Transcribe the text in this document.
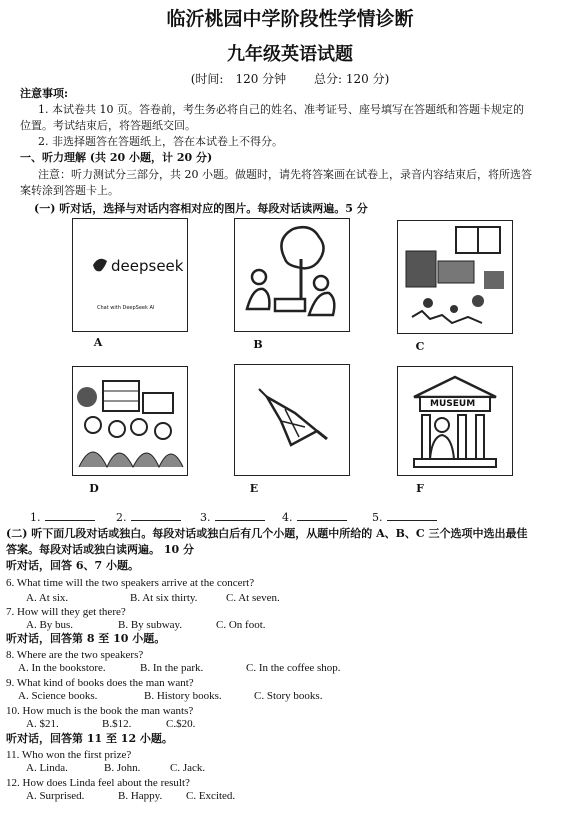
临沂桃园中学阶段性学情诊断
九年级英语试题
(时间:　120 分钟 总分: 120 分)
注意事项:
1. 本试卷共 10 页。答卷前，考生务必将自己的姓名、准考证号、座号填写在答题纸和答题卡规定的
位置。考试结束后，将答题纸交回。
2. 非选择题答在答题纸上，答在本试卷上不得分。
一、听力理解 (共 20 小题，计 20 分)
注意：听力测试分三部分，共 20 小题。做题时，请先将答案画在试卷上，录音内容结束后，将所选答
案转涂到答题卡上。
(一) 听对话，选择与对话内容相对应的图片。每段对话读两遍。5 分
deepseek
Chat with DeepSeek AI
A	B	C
D	E
MUSEUM
F
1.	2.	3.	4.	5.
(二) 听下面几段对话或独白。每段对话或独白后有几个小题，从题中所给的 A、B、C 三个选项中选出最佳
答案。每段对话或独白读两遍。 10 分
听对话，回答 6、7 小题。
6. What time will the two speakers arrive at the concert?
A. At six.	B. At six thirty.	C. At seven.
7. How will they get there?
A. By bus.	B. By subway.	C. On foot.
听对话，回答第 8 至 10 小题。
8. Where are the two speakers?
A. In the bookstore.	B. In the park.	C. In the coffee shop.
9. What kind of books does the man want?
A. Science books.	B. History books.	C. Story books.
10. How much is the book the man wants?
A. $21.	B.$12.	C.$20.
听对话，回答第 11 至 12 小题。
11. Who won the first prize?
A. Linda.	B. John.	C. Jack.
12. How does Linda feel about the result?
A. Surprised.	B. Happy. C. Excited.
